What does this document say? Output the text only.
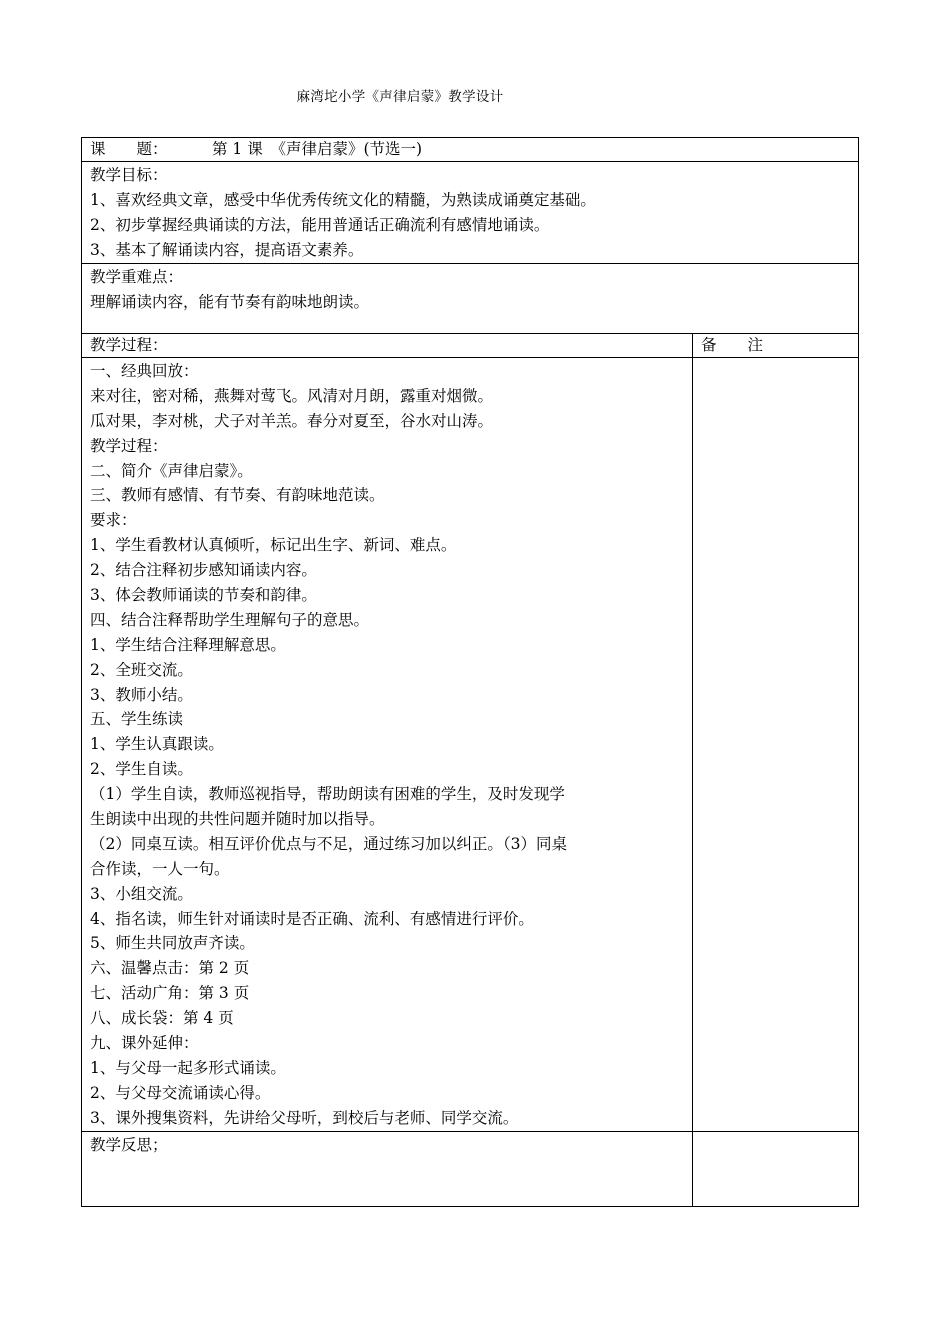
麻湾坨小学《声律启蒙》教学设计
课　　题：	第 1 课　《声律启蒙》(节选一)
教学目标：
1、喜欢经典文章，感受中华优秀传统文化的精髓，为熟读成诵奠定基础。
2、初步掌握经典诵读的方法，能用普通话正确流利有感情地诵读。
3、基本了解诵读内容，提高语文素养。
教学重难点：
理解诵读内容，能有节奏有韵味地朗读。
教学过程：	备　　注
一、经典回放：
来对往，密对稀，燕舞对莺飞。风清对月朗，露重对烟微。
瓜对果，李对桃，犬子对羊羔。春分对夏至，谷水对山涛。
教学过程：
二、简介《声律启蒙》。
三、教师有感情、有节奏、有韵味地范读。
要求：
1、学生看教材认真倾听，标记出生字、新词、难点。
2、结合注释初步感知诵读内容。
3、体会教师诵读的节奏和韵律。
四、结合注释帮助学生理解句子的意思。
1、学生结合注释理解意思。
2、全班交流。
3、教师小结。
五、学生练读
1、学生认真跟读。
2、学生自读。
（1）学生自读，教师巡视指导，帮助朗读有困难的学生，及时发现学
生朗读中出现的共性问题并随时加以指导。
（2）同桌互读。相互评价优点与不足，通过练习加以纠正。（3）同桌
合作读，一人一句。
3、小组交流。
4、指名读，师生针对诵读时是否正确、流利、有感情进行评价。
5、师生共同放声齐读。
六、温馨点击：第 2 页
七、活动广角：第 3 页
八、成长袋：第 4 页
九、课外延伸：
1、与父母一起多形式诵读。
2、与父母交流诵读心得。
3、课外搜集资料，先讲给父母听，到校后与老师、同学交流。
教学反思；
